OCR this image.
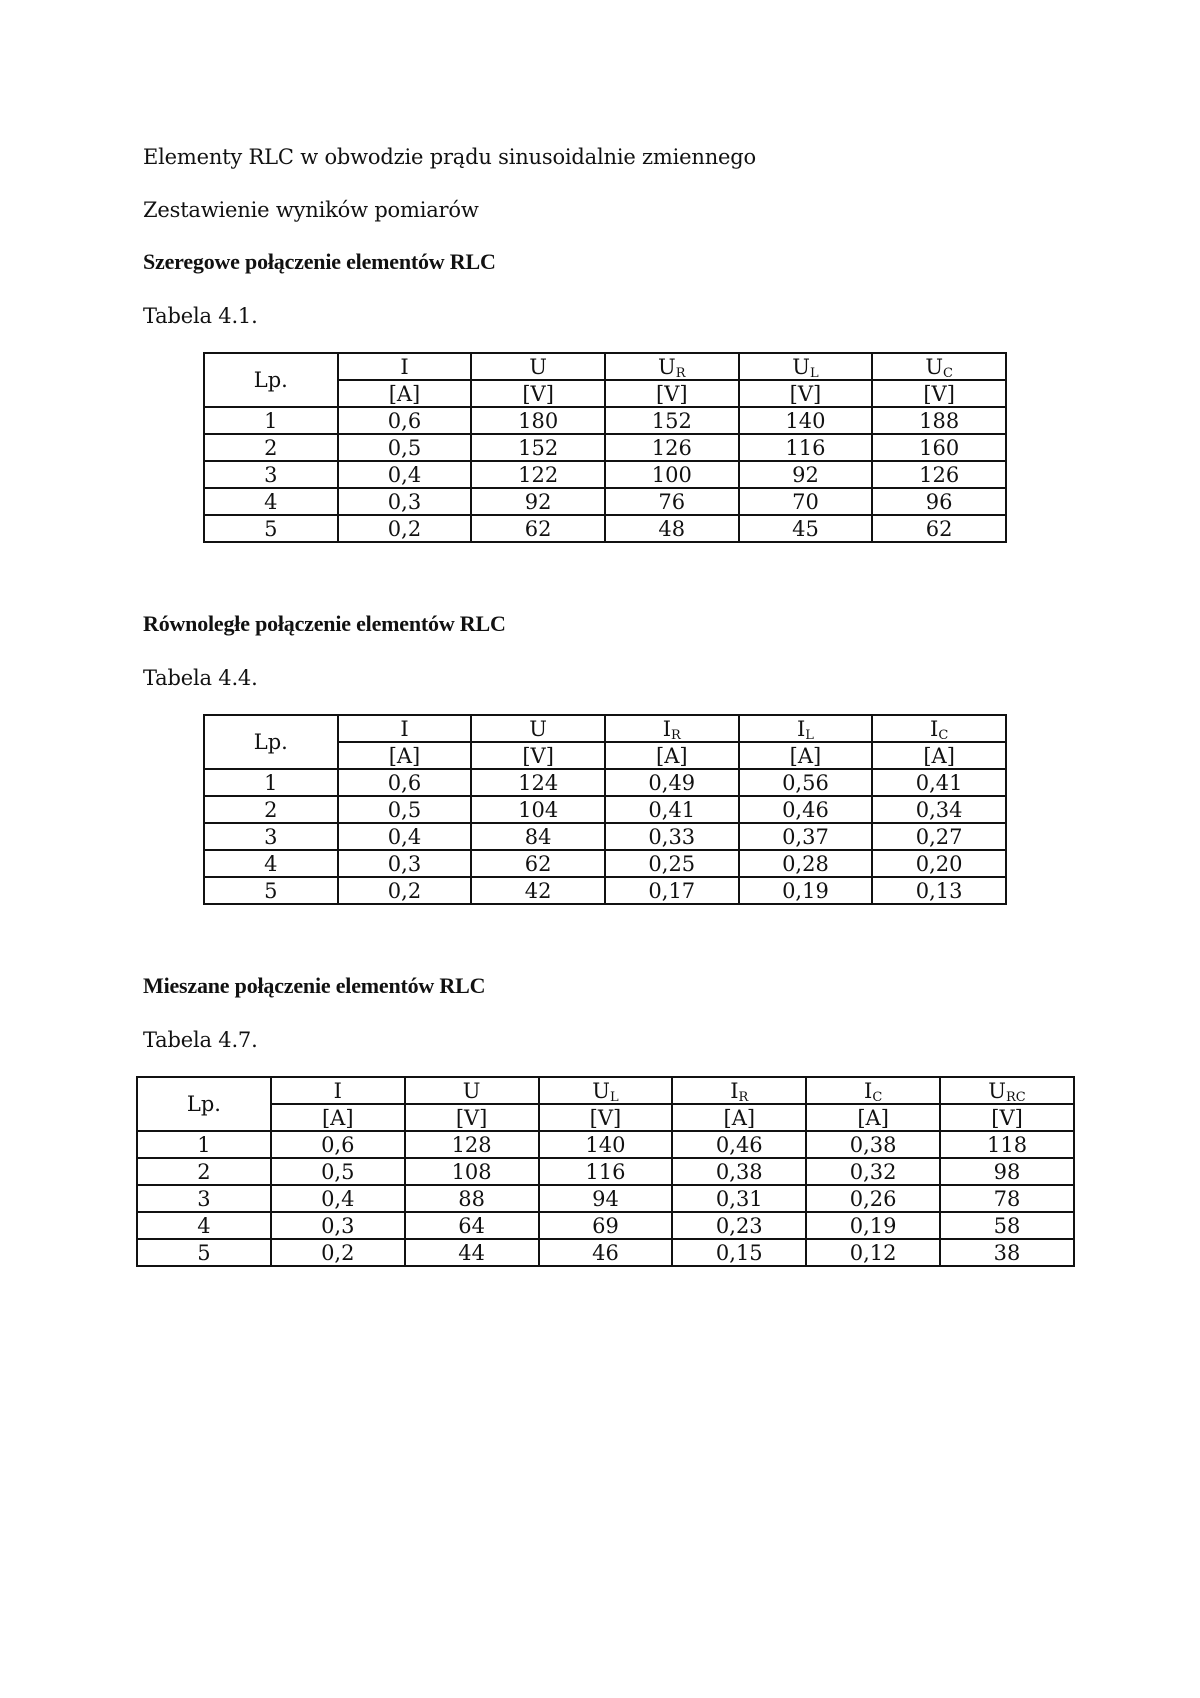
Elementy RLC w obwodzie prądu sinusoidalnie zmiennego
Zestawienie wyników pomiarów
Szeregowe połączenie elementów RLC
Tabela 4.1.
Lp.	I	U	$U_R$	$U_L$	$U_C$
	[A]	[V]	[V]	[V]	[V]
1	0,6	180	152	140	188
2	0,5	152	126	116	160
3	0,4	122	100	92	126
4	0,3	92	76	70	96
5	0,2	62	48	45	62
Równoległe połączenie elementów RLC
Tabela 4.4.
Lp.	I	U	$I_R$	$I_L$	$I_C$
	[A]	[V]	[A]	[A]	[A]
1	0,6	124	0,49	0,56	0,41
2	0,5	104	0,41	0,46	0,34
3	0,4	84	0,33	0,37	0,27
4	0,3	62	0,25	0,28	0,20
5	0,2	42	0,17	0,19	0,13
Mieszane połączenie elementów RLC
Tabela 4.7.
Lp.	I	U	$U_L$	$I_R$	$I_C$	$U_{RC}$
	[A]	[V]	[V]	[A]	[A]	[V]
1	0,6	128	140	0,46	0,38	118
2	0,5	108	116	0,38	0,32	98
3	0,4	88	94	0,31	0,26	78
4	0,3	64	69	0,23	0,19	58
5	0,2	44	46	0,15	0,12	38
